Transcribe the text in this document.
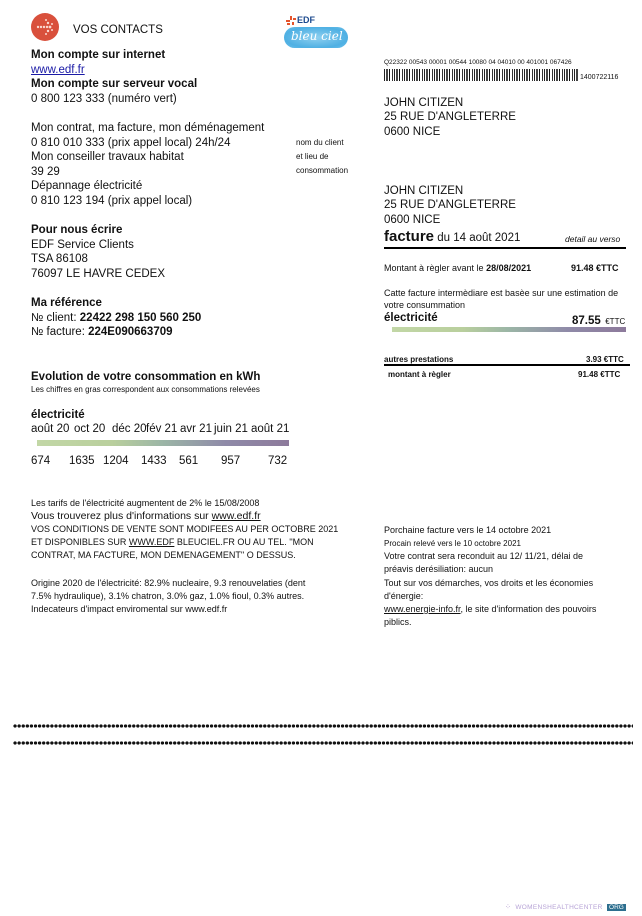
VOS CONTACTS
EDF
bleu ciel
Mon compte sur internet
www.edf.fr
Mon compte sur serveur vocal
0 800 123 333 (numéro vert)
Mon contrat, ma facture, mon déménagement
0 810 010 333 (prix appel local) 24h/24
Mon conseiller travaux habitat
39 29
Dépannage électricité
0 810 123 194 (prix appel local)
nom du client
et lieu de
consommation
Pour nous écrire
EDF Service Clients
TSA 86108
76097 LE HAVRE CEDEX
Ma référence
№ client: 22422 298 150 560 250
№ facture: 224E090663709
Q22322 00543 00001 00544 10080 04 04010 00 401001 067426
1400722116
JOHN CITIZEN
25 RUE D'ANGLETERRE
0600 NICE
JOHN CITIZEN
25 RUE D'ANGLETERRE
0600 NICE
facture du 14 août 2021	detail au verso
Montant à règler avant le 28/08/2021	91.48 €TTC
Catte facture intermèdiare est basèe sur une estimation de
votre consummation
électricité	87.55 €TTC
autres prestations	3.93 €TTC
montant à règler	91.48 €TTC
Evolution de votre consommation en kWh
Les chiffres en gras correspondent aux consommations relevées
électricité
août 20 oct 20 déc 20 fév 21 avr 21 juin 21 août 21
674 1635 1204 1433 561 957 732
Les tarifs de l'électricité augmentent de 2% le 15/08/2008
Vous trouverez plus d'informations sur www.edf.fr
VOS CONDITIONS DE VENTE SONT MODIFEES AU PER OCTOBRE 2021
ET DISPONIBLES SUR WWW.EDF BLEUCIEL.FR OU AU TEL. ''MON
CONTRAT, MA FACTURE, MON DEMENAGEMENT'' O DESSUS.
Origine 2020 de l'électricité: 82.9% nucleaire, 9.3 renouvelaties (dent
7.5% hydraulique), 3.1% chatron, 3.0% gaz, 1.0% fioul, 0.3% autres.
Indecateurs d'impact enviromental sur www.edf.fr
Porchaine facture vers le 14 octobre 2021
Procain relevé vers le 10 octobre 2021
Votre contrat sera reconduit au 12/ 11/21, délai de
préavis derésiliation: aucun
Tout sur vos démarches, vos droits et les économies
d'énergie:
www.energie-info.fr, le site d'information des pouvoirs
piblics.
⁘ WOMENSHEALTHCENTER ORG
